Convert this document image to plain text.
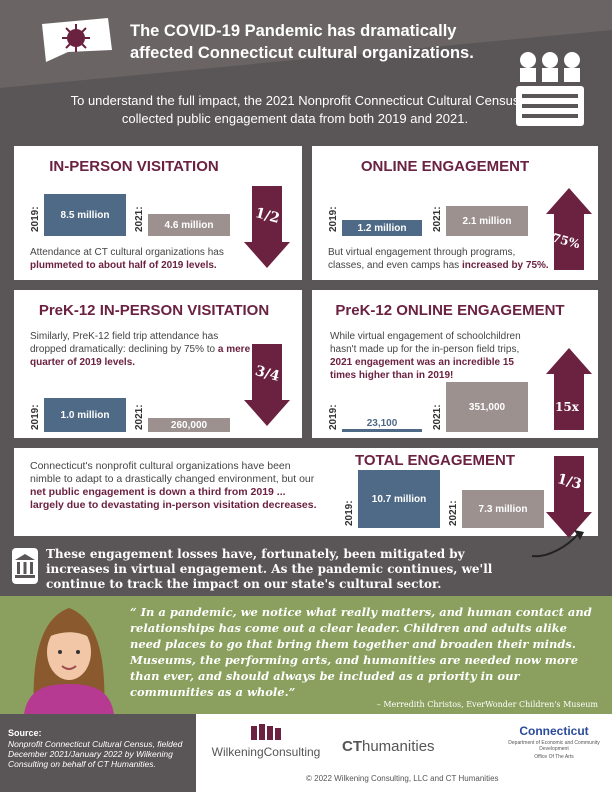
The COVID-19 Pandemic has dramatically
affected Connecticut cultural organizations.
To understand the full impact, the 2021 Nonprofit Connecticut Cultural Census collected public engagement data from both 2019 and 2021.
IN-PERSON VISITATION
2019:	8.5 million	2021:	4.6 million	1/2
Attendance at CT cultural organizations has plummeted to about half of 2019 levels.
ONLINE ENGAGEMENT
2019:	1.2 million	2021:	2.1 million
75%
But virtual engagement through programs, classes, and even camps has increased by 75%.
PreK-12 IN-PERSON VISITATION
Similarly, PreK-12 field trip attendance has dropped dramatically: declining by 75% to a mere quarter of 2019 levels.
2019:	1.0 million	2021:	260,000
3/4
PreK-12 ONLINE ENGAGEMENT
While virtual engagement of schoolchildren hasn't made up for the in-person field trips, 2021 engagement was an incredible 15 times higher than in 2019!
2019:	23,100	2021:	351,000	15x
Connecticut's nonprofit cultural organizations have been nimble to adapt to a drastically changed environment, but our net public engagement is down a third from 2019 ... largely due to devastating in-person visitation decreases.
TOTAL ENGAGEMENT
2019:
10.7 million
2021:	7.3 million
1/3
These engagement losses have, fortunately, been mitigated by increases in virtual engagement. As the pandemic continues, we'll continue to track the impact on our state's cultural sector.
“ In a pandemic, we notice what really matters, and human contact and relationships has come out a clear leader. Children and adults alike need places to go that bring them together and broaden their minds. Museums, the performing arts, and humanities are needed now more than ever, and should always be included as a priority in our communities as a whole.”
– Merredith Christos, EverWonder Children's Museum
Source:
Nonprofit Connecticut Cultural Census, fielded December 2021/January 2022 by Wilkening Consulting on behalf of CT Humanities.
WilkeningConsulting	CThumanities
Connecticut
Department of Economic and Community Development
Office Of The Arts
© 2022 Wilkening Consulting, LLC and CT Humanities
